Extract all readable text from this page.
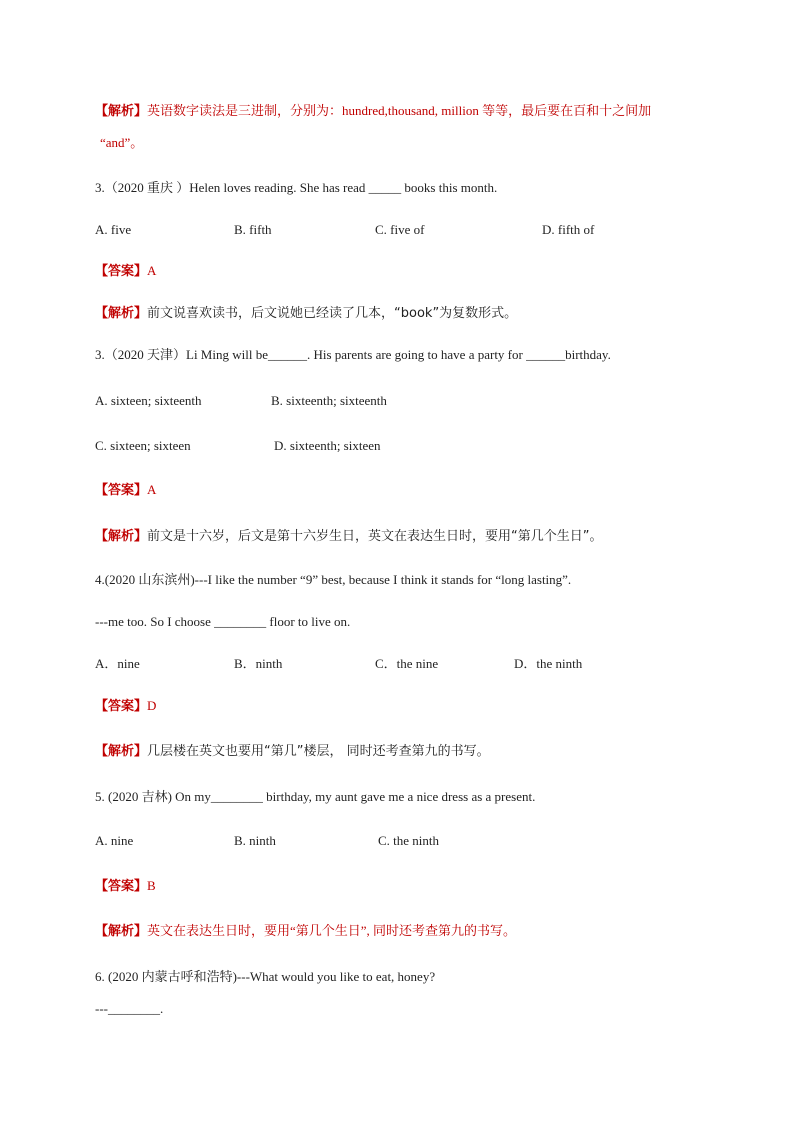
【解析】英语数字读法是三进制，分别为：hundred,thousand, million 等等，最后要在百和十之间加
“and”。
3.（2020 重庆 ）Helen loves reading. She has read _____ books this month.
A. five	B. fifth	C. five of	D. fifth of
【答案】A
【解析】前文说喜欢读书，后文说她已经读了几本，“book”为复数形式。
3.（2020 天津）Li Ming will be______. His parents are going to have a party for ______birthday.
A. sixteen; sixteenth	B. sixteenth; sixteenth
C. sixteen; sixteen	D. sixteenth; sixteen
【答案】A
【解析】前文是十六岁，后文是第十六岁生日，英文在表达生日时，要用“第几个生日”。
4.(2020 山东滨州)---I like the number “9” best, because I think it stands for “long lasting”.
---me too. So I choose ________ floor to live on.
A．nine	B．ninth	C．the nine	D．the ninth
【答案】D
【解析】几层楼在英文也要用“第几”楼层， 同时还考查第九的书写。
5. (2020 吉林) On my________ birthday, my aunt gave me a nice dress as a present.
A. nine	B. ninth	C. the ninth
【答案】B
【解析】英文在表达生日时，要用“第几个生日”, 同时还考查第九的书写。
6. (2020 内蒙古呼和浩特)---What would you like to eat, honey?
---________.
